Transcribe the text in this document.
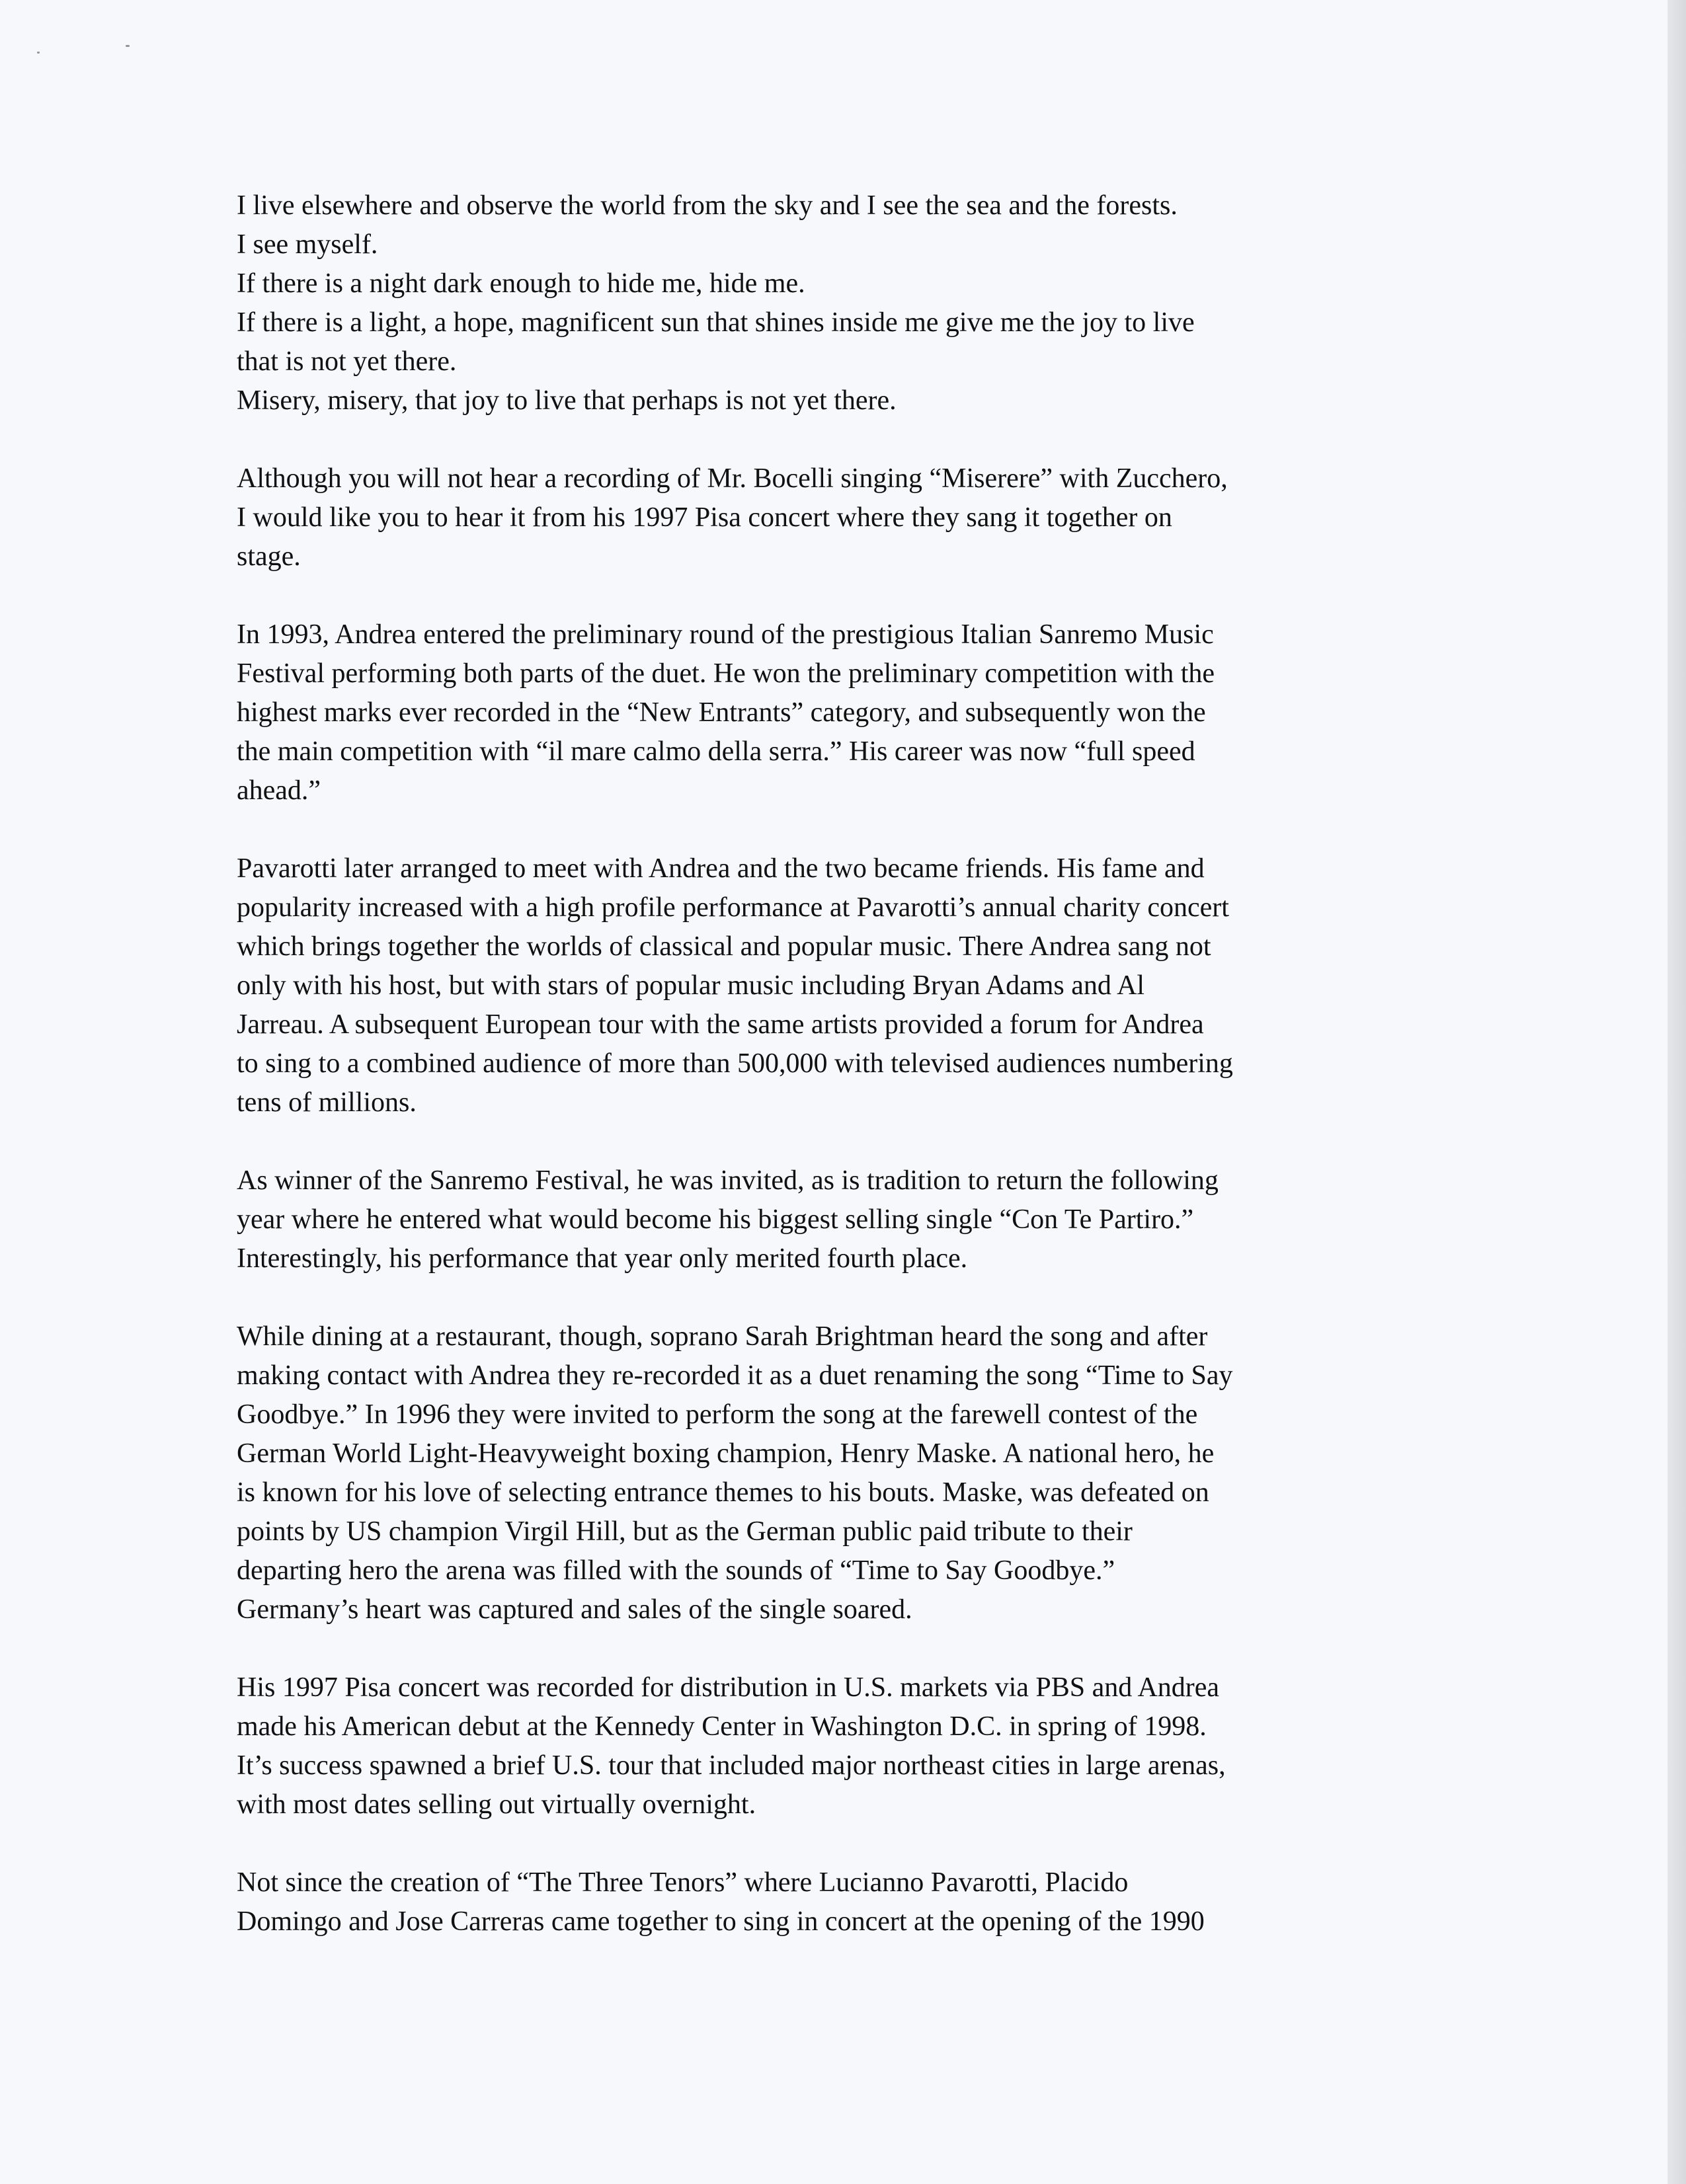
I live elsewhere and observe the world from the sky and I see the sea and the forests.
I see myself.
If there is a night dark enough to hide me, hide me.
If there is a light, a hope, magnificent sun that shines inside me give me the joy to live
that is not yet there.
Misery, misery, that joy to live that perhaps is not yet there.

Although you will not hear a recording of Mr. Bocelli singing “Miserere” with Zucchero,
I would like you to hear it from his 1997 Pisa concert where they sang it together on
stage.

In 1993, Andrea entered the preliminary round of the prestigious Italian Sanremo Music
Festival performing both parts of the duet. He won the preliminary competition with the
highest marks ever recorded in the “New Entrants” category, and subsequently won the
the main competition with “il mare calmo della serra.” His career was now “full speed
ahead.”

Pavarotti later arranged to meet with Andrea and the two became friends. His fame and
popularity increased with a high profile performance at Pavarotti’s annual charity concert
which brings together the worlds of classical and popular music. There Andrea sang not
only with his host, but with stars of popular music including Bryan Adams and Al
Jarreau. A subsequent European tour with the same artists provided a forum for Andrea
to sing to a combined audience of more than 500,000 with televised audiences numbering
tens of millions.

As winner of the Sanremo Festival, he was invited, as is tradition to return the following
year where he entered what would become his biggest selling single “Con Te Partiro.”
Interestingly, his performance that year only merited fourth place.

While dining at a restaurant, though, soprano Sarah Brightman heard the song and after
making contact with Andrea they re-recorded it as a duet renaming the song “Time to Say
Goodbye.” In 1996 they were invited to perform the song at the farewell contest of the
German World Light-Heavyweight boxing champion, Henry Maske. A national hero, he
is known for his love of selecting entrance themes to his bouts. Maske, was defeated on
points by US champion Virgil Hill, but as the German public paid tribute to their
departing hero the arena was filled with the sounds of “Time to Say Goodbye.”
Germany’s heart was captured and sales of the single soared.

His 1997 Pisa concert was recorded for distribution in U.S. markets via PBS and Andrea
made his American debut at the Kennedy Center in Washington D.C. in spring of 1998.
It’s success spawned a brief U.S. tour that included major northeast cities in large arenas,
with most dates selling out virtually overnight.

Not since the creation of “The Three Tenors” where Lucianno Pavarotti, Placido
Domingo and Jose Carreras came together to sing in concert at the opening of the 1990
